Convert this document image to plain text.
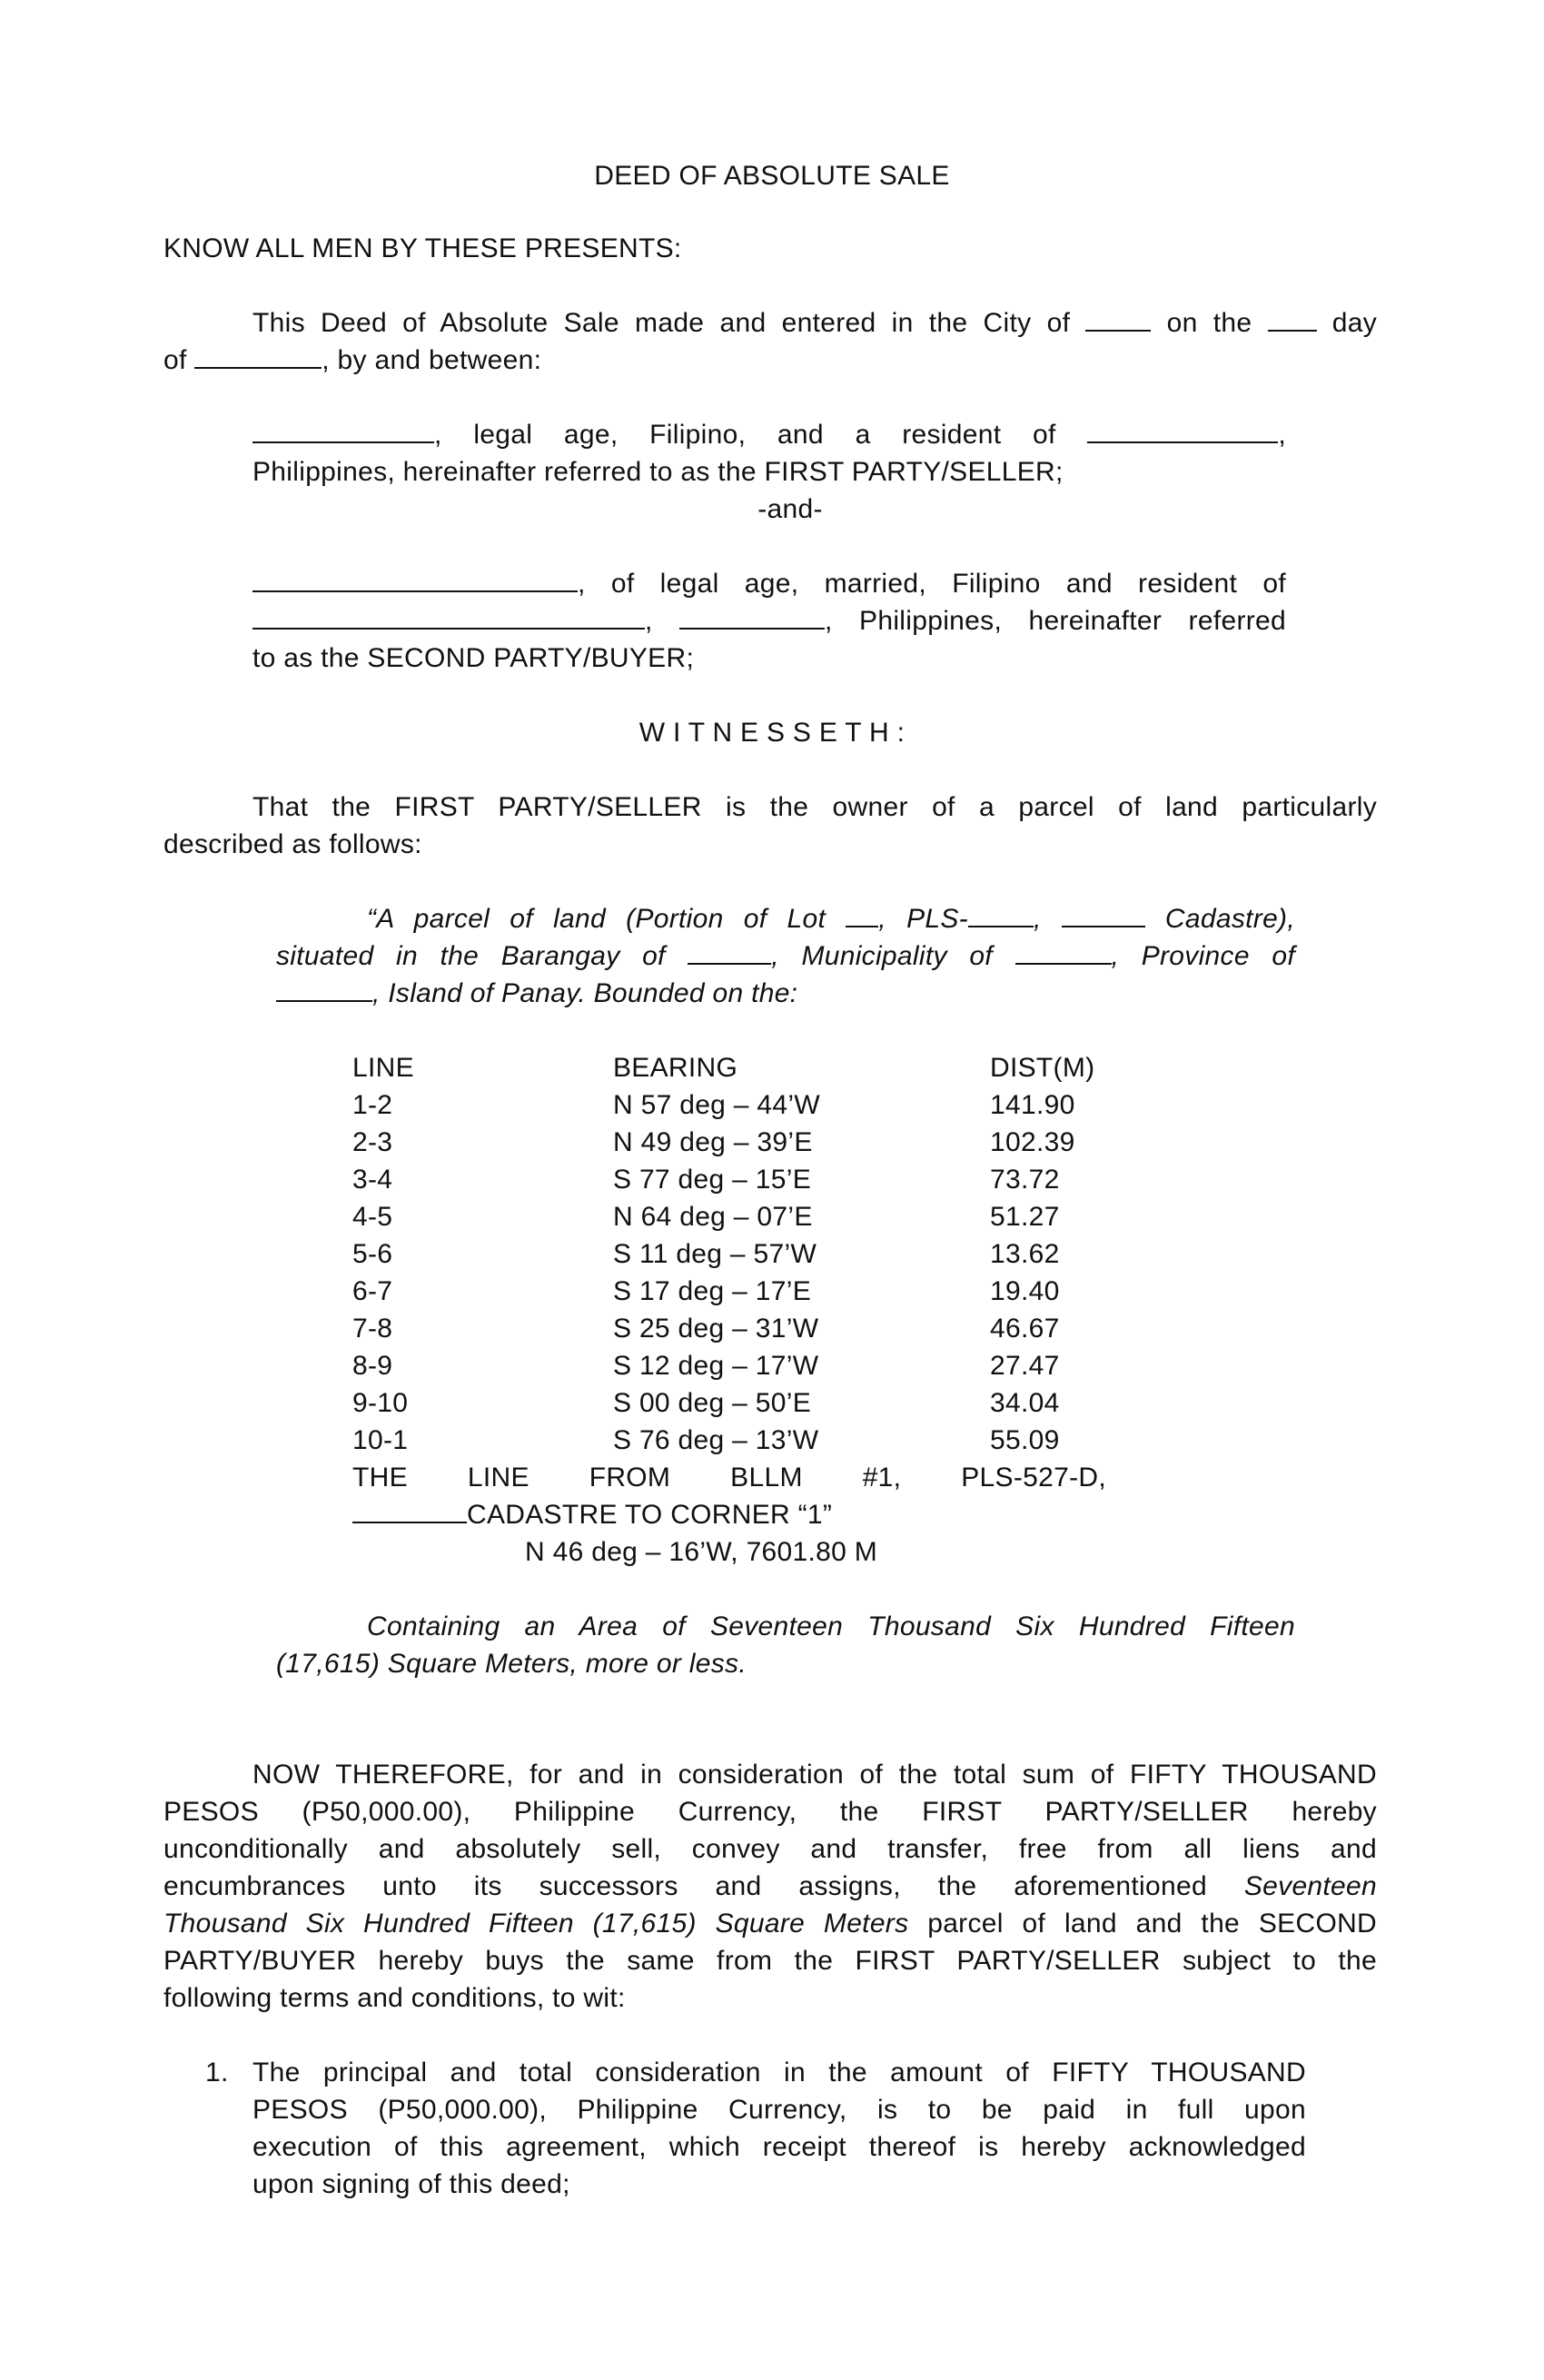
DEED OF ABSOLUTE SALE
KNOW ALL MEN BY THESE PRESENTS:
This Deed of Absolute Sale made and entered in the City of	on the	day
of	, by and between:
, legal age, Filipino, and a resident of	,
Philippines, hereinafter referred to as the FIRST PARTY/SELLER;
-and-
, of legal age, married, Filipino and resident of
,	, Philippines, hereinafter referred
to as the SECOND PARTY/BUYER;
W I T N E S S E T H :
That the FIRST PARTY/SELLER is the owner of a parcel of land particularly
described as follows:
“A parcel of land (Portion of Lot , PLS- ,	Cadastre),
situated in the Barangay of	, Municipality of	, Province of
, Island of Panay. Bounded on the:
LINE	BEARING	DIST(M)
1-2	N 57 deg – 44’W	141.90
2-3	N 49 deg – 39’E	102.39
3-4	S 77 deg – 15’E	73.72
4-5	N 64 deg – 07’E	51.27
5-6	S 11 deg – 57’W	13.62
6-7	S 17 deg – 17’E	19.40
7-8	S 25 deg – 31’W	46.67
8-9	S 12 deg – 17’W	27.47
9-10	S 00 deg – 50’E	34.04
10-1	S 76 deg – 13’W	55.09
THE LINE FROM BLLM #1, PLS-527-D,
CADASTRE TO CORNER “1”
N 46 deg – 16’W, 7601.80 M
Containing an Area of Seventeen Thousand Six Hundred Fifteen
(17,615) Square Meters, more or less.
NOW THEREFORE, for and in consideration of the total sum of FIFTY THOUSAND
PESOS (P50,000.00), Philippine Currency, the FIRST PARTY/SELLER hereby
unconditionally and absolutely sell, convey and transfer, free from all liens and
encumbrances unto its successors and assigns, the aforementioned Seventeen
Thousand Six Hundred Fifteen (17,615) Square Meters parcel of land and the SECOND
PARTY/BUYER hereby buys the same from the FIRST PARTY/SELLER subject to the
following terms and conditions, to wit:
1. The principal and total consideration in the amount of FIFTY THOUSAND
PESOS (P50,000.00), Philippine Currency, is to be paid in full upon
execution of this agreement, which receipt thereof is hereby acknowledged
upon signing of this deed;
